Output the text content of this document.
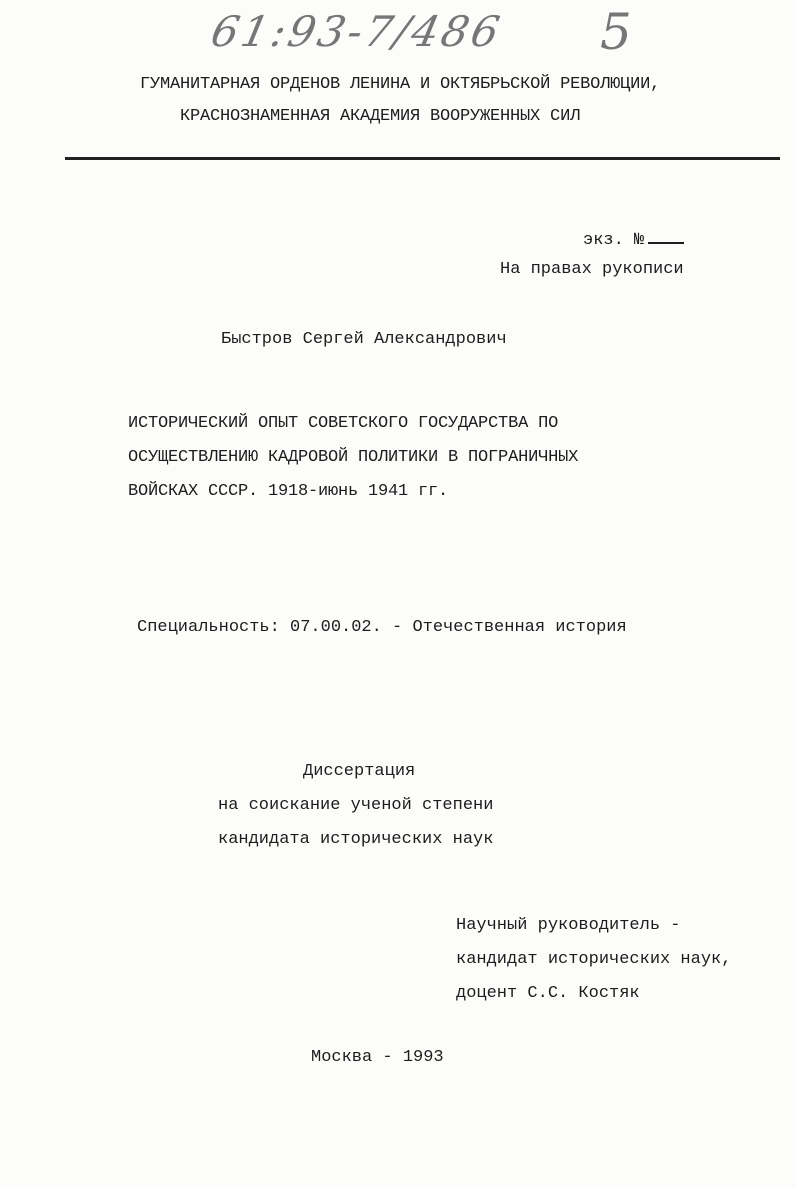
61:93-7/486 5
ГУМАНИТАРНАЯ ОРДЕНОВ ЛЕНИНА И ОКТЯБРЬСКОЙ РЕВОЛЮЦИИ,
КРАСНОЗНАМЕННАЯ АКАДЕМИЯ ВООРУЖЕННЫХ СИЛ
экз. №
На правах рукописи
Быстров Сергей Александрович
ИСТОРИЧЕСКИЙ ОПЫТ СОВЕТСКОГО ГОСУДАРСТВА ПО
ОСУЩЕСТВЛЕНИЮ КАДРОВОЙ ПОЛИТИКИ В ПОГРАНИЧНЫХ
ВОЙСКАХ СССР. 1918-июнь 1941 гг.
Специальность: 07.00.02. - Отечественная история
Диссертация
на соискание ученой степени
кандидата исторических наук
Научный руководитель -
кандидат исторических наук,
доцент С.С. Костяк
Москва - 1993
